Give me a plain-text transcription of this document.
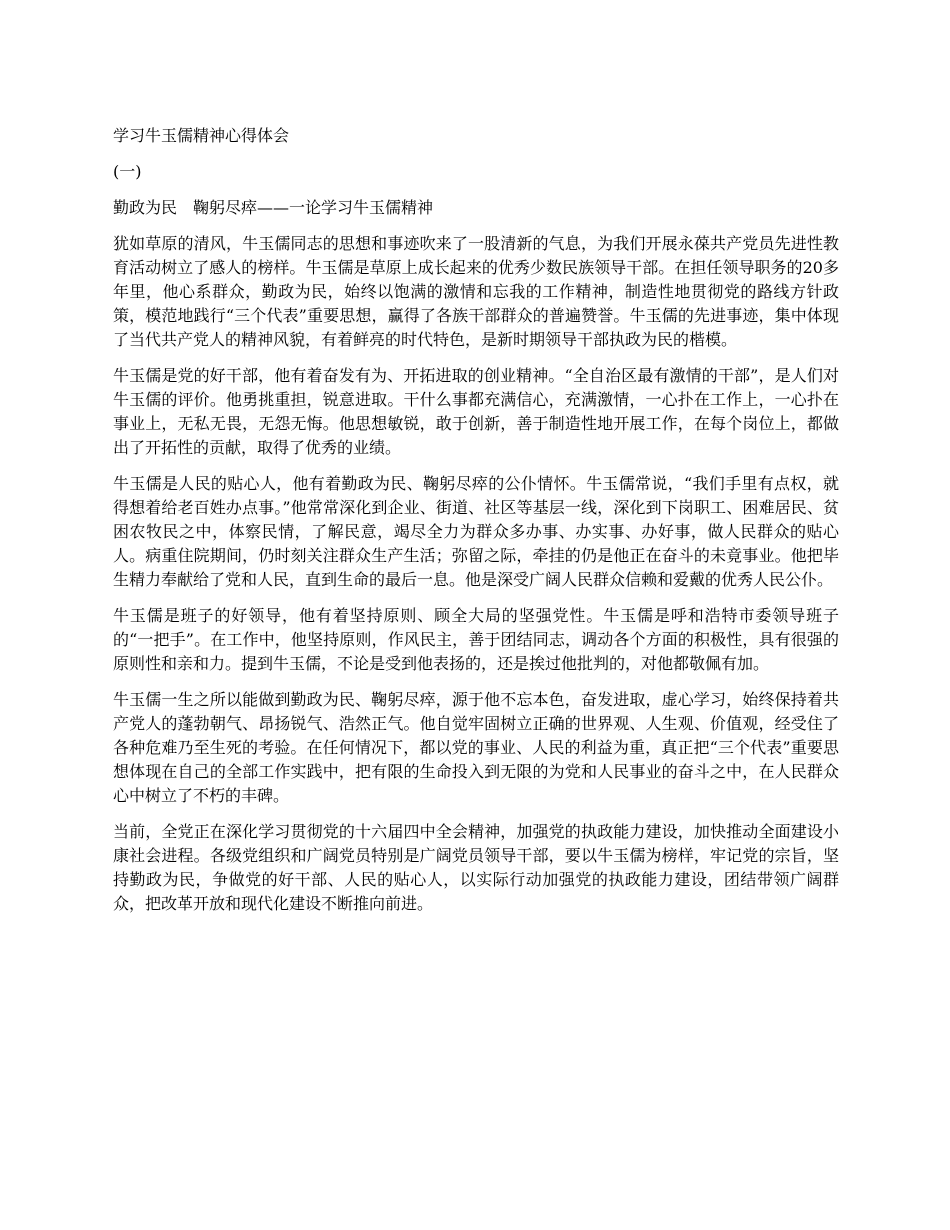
学习牛玉儒精神心得体会

(一)

勤政为民　鞠躬尽瘁——一论学习牛玉儒精神

犹如草原的清风，牛玉儒同志的思想和事迹吹来了一股清新的气息，为我们开展永葆共产党员先进性教育活动树立了感人的榜样。牛玉儒是草原上成长起来的优秀少数民族领导干部。在担任领导职务的20多年里，他心系群众，勤政为民，始终以饱满的激情和忘我的工作精神，制造性地贯彻党的路线方针政策，模范地践行“三个代表”重要思想，赢得了各族干部群众的普遍赞誉。牛玉儒的先进事迹，集中体现了当代共产党人的精神风貌，有着鲜亮的时代特色，是新时期领导干部执政为民的楷模。

牛玉儒是党的好干部，他有着奋发有为、开拓进取的创业精神。“全自治区最有激情的干部”，是人们对牛玉儒的评价。他勇挑重担，锐意进取。干什么事都充满信心，充满激情，一心扑在工作上，一心扑在事业上，无私无畏，无怨无悔。他思想敏锐，敢于创新，善于制造性地开展工作，在每个岗位上，都做出了开拓性的贡献，取得了优秀的业绩。

牛玉儒是人民的贴心人，他有着勤政为民、鞠躬尽瘁的公仆情怀。牛玉儒常说，“我们手里有点权，就得想着给老百姓办点事。”他常常深化到企业、街道、社区等基层一线，深化到下岗职工、困难居民、贫困农牧民之中，体察民情，了解民意，竭尽全力为群众多办事、办实事、办好事，做人民群众的贴心人。病重住院期间，仍时刻关注群众生产生活；弥留之际，牵挂的仍是他正在奋斗的未竟事业。他把毕生精力奉献给了党和人民，直到生命的最后一息。他是深受广阔人民群众信赖和爱戴的优秀人民公仆。

牛玉儒是班子的好领导，他有着坚持原则、顾全大局的坚强党性。牛玉儒是呼和浩特市委领导班子的“一把手”。在工作中，他坚持原则，作风民主，善于团结同志，调动各个方面的积极性，具有很强的原则性和亲和力。提到牛玉儒，不论是受到他表扬的，还是挨过他批判的，对他都敬佩有加。

牛玉儒一生之所以能做到勤政为民、鞠躬尽瘁，源于他不忘本色，奋发进取，虚心学习，始终保持着共产党人的蓬勃朝气、昂扬锐气、浩然正气。他自觉牢固树立正确的世界观、人生观、价值观，经受住了各种危难乃至生死的考验。在任何情况下，都以党的事业、人民的利益为重，真正把“三个代表”重要思想体现在自己的全部工作实践中，把有限的生命投入到无限的为党和人民事业的奋斗之中，在人民群众心中树立了不朽的丰碑。

当前，全党正在深化学习贯彻党的十六届四中全会精神，加强党的执政能力建设，加快推动全面建设小康社会进程。各级党组织和广阔党员特别是广阔党员领导干部，要以牛玉儒为榜样，牢记党的宗旨，坚持勤政为民，争做党的好干部、人民的贴心人，以实际行动加强党的执政能力建设，团结带领广阔群众，把改革开放和现代化建设不断推向前进。
